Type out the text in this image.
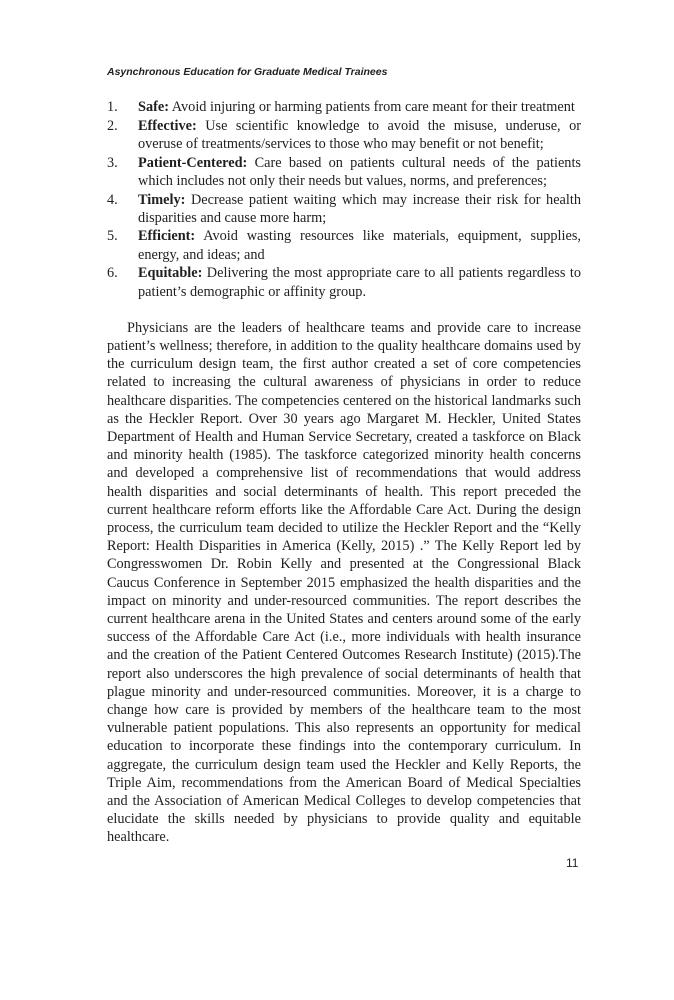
Asynchronous Education for Graduate Medical Trainees
1. Safe: Avoid injuring or harming patients from care meant for their treatment
2. Effective: Use scientific knowledge to avoid the misuse, underuse, or overuse of treatments/services to those who may benefit or not benefit;
3. Patient-Centered: Care based on patients cultural needs of the patients which includes not only their needs but values, norms, and preferences;
4. Timely: Decrease patient waiting which may increase their risk for health disparities and cause more harm;
5. Efficient: Avoid wasting resources like materials, equipment, supplies, energy, and ideas; and
6. Equitable: Delivering the most appropriate care to all patients regardless to patient’s demographic or affinity group.

Physicians are the leaders of healthcare teams and provide care to increase patient’s wellness; therefore, in addition to the quality healthcare domains used by the curriculum design team, the first author created a set of core competencies related to increasing the cultural awareness of physicians in order to reduce healthcare disparities. The competencies centered on the historical landmarks such as the Heckler Report. Over 30 years ago Margaret M. Heckler, United States Department of Health and Human Service Secretary, created a taskforce on Black and minority health (1985). The taskforce categorized minority health concerns and developed a comprehensive list of recommendations that would address health disparities and social determinants of health. This report preceded the current healthcare reform efforts like the Affordable Care Act. During the design process, the curriculum team decided to utilize the Heckler Report and the “Kelly Report: Health Disparities in America (Kelly, 2015) .” The Kelly Report led by Congresswomen Dr. Robin Kelly and presented at the Congressional Black Caucus Conference in September 2015 emphasized the health disparities and the impact on minority and under-resourced communities. The report describes the current healthcare arena in the United States and centers around some of the early success of the Affordable Care Act (i.e., more individuals with health insurance and the creation of the Patient Centered Outcomes Research Institute) (2015).The report also underscores the high prevalence of social determinants of health that plague minority and under-resourced communities. Moreover, it is a charge to change how care is provided by members of the healthcare team to the most vulnerable patient populations. This also represents an opportunity for medical education to incorporate these findings into the contemporary curriculum. In aggregate, the curriculum design team used the Heckler and Kelly Reports, the Triple Aim, recommendations from the American Board of Medical Specialties and the Association of American Medical Colleges to develop competencies that elucidate the skills needed by physicians to provide quality and equitable healthcare.

11
